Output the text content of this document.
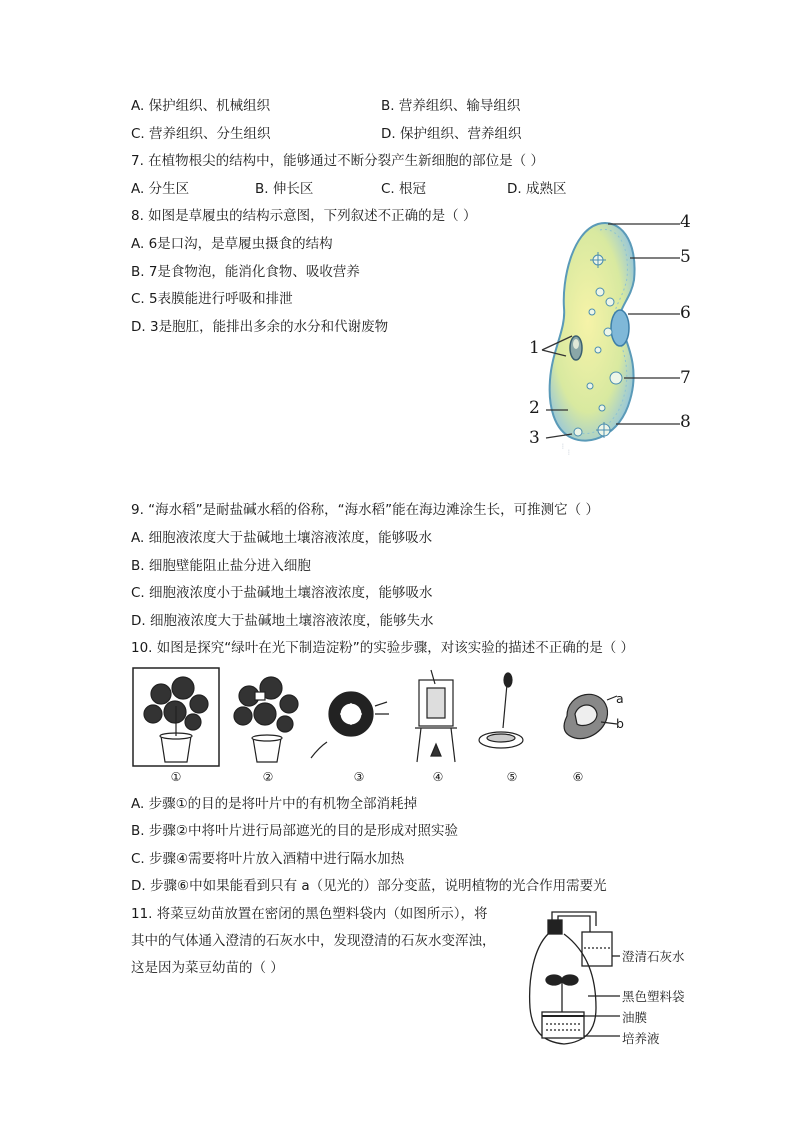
A. 保护组织、机械组织	B. 营养组织、输导组织
C. 营养组织、分生组织	D. 保护组织、营养组织
7. 在植物根尖的结构中，能够通过不断分裂产生新细胞的部位是（ ）
A. 分生区	B. 伸长区	C. 根冠	D. 成熟区
8. 如图是草履虫的结构示意图，下列叙述不正确的是（ ）
A. 6是口沟，是草履虫摄食的结构
B. 7是食物泡，能消化食物、吸收营养
C. 5表膜能进行呼吸和排泄
D. 3是胞肛，能排出多余的水分和代谢废物
⋮
⋮
4
5
6
1
7
2
8
3
9. “海水稻”是耐盐碱水稻的俗称，“海水稻”能在海边滩涂生长，可推测它（ ）
A. 细胞液浓度大于盐碱地土壤溶液浓度，能够吸水
B. 细胞壁能阻止盐分进入细胞
C. 细胞液浓度小于盐碱地土壤溶液浓度，能够吸水
D. 细胞液浓度大于盐碱地土壤溶液浓度，能够失水
10. 如图是探究“绿叶在光下制造淀粉”的实验步骤，对该实验的描述不正确的是（ ）
a
b
①	②	③	④	⑤	⑥
A. 步骤①的目的是将叶片中的有机物全部消耗掉
B. 步骤②中将叶片进行局部遮光的目的是形成对照实验
C. 步骤④需要将叶片放入酒精中进行隔水加热
D. 步骤⑥中如果能看到只有 a（见光的）部分变蓝，说明植物的光合作用需要光
11. 将菜豆幼苗放置在密闭的黑色塑料袋内（如图所示），将
其中的气体通入澄清的石灰水中，发现澄清的石灰水变浑浊，
这是因为菜豆幼苗的（ ）
澄清石灰水
黑色塑料袋
油膜
培养液
